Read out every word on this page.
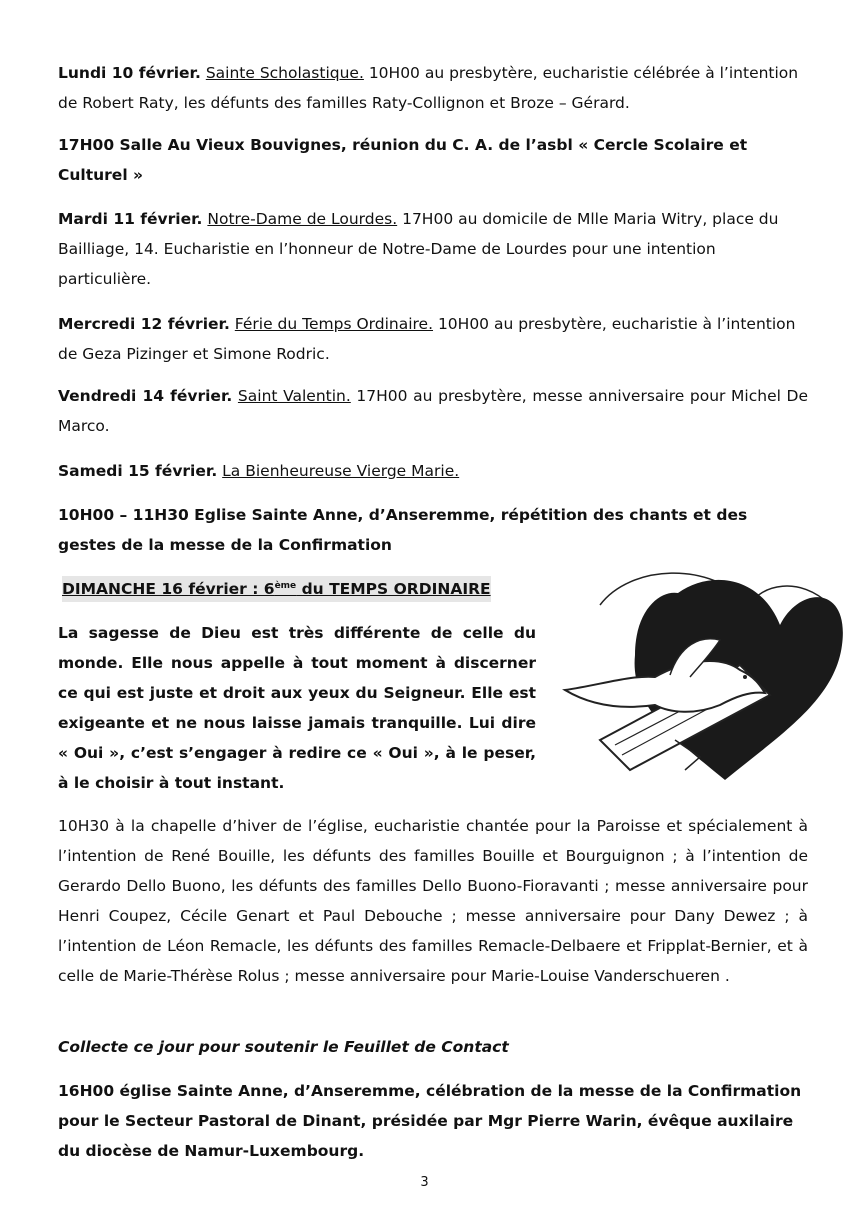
Lundi 10 février. Sainte Scholastique. 10H00 au presbytère, eucharistie célébrée à l’intention de Robert Raty, les défunts des familles Raty-Collignon et Broze – Gérard.

17H00 Salle Au Vieux Bouvignes, réunion du C. A. de l’asbl « Cercle Scolaire et Culturel »

Mardi 11 février. Notre-Dame de Lourdes. 17H00 au domicile de Mlle Maria Witry, place du Bailliage, 14. Eucharistie en l’honneur de Notre-Dame de Lourdes pour une intention particulière.

Mercredi 12 février. Férie du Temps Ordinaire. 10H00 au presbytère, eucharistie à l’intention de Geza Pizinger et Simone Rodric.

Vendredi 14 février. Saint Valentin. 17H00 au presbytère, messe anniversaire pour Michel De Marco.

Samedi 15 février. La Bienheureuse Vierge Marie.

10H00 – 11H30 Eglise Sainte Anne, d’Anseremme, répétition des chants et des gestes de la messe de la Confirmation

DIMANCHE 16 février : 6ème du TEMPS ORDINAIRE

La sagesse de Dieu est très différente de celle du monde. Elle nous appelle à tout moment à discerner ce qui est juste et droit aux yeux du Seigneur. Elle est exigeante et ne nous laisse jamais tranquille. Lui dire « Oui », c’est s’engager à redire ce « Oui », à le peser, à le choisir à tout instant.

10H30 à la chapelle d’hiver de l’église, eucharistie chantée pour la Paroisse et spécialement à l’intention de René Bouille, les défunts des familles Bouille et Bourguignon ; à l’intention de Gerardo Dello Buono, les défunts des familles Dello Buono-Fioravanti ; messe anniversaire pour Henri Coupez, Cécile Genart et Paul Debouche ; messe anniversaire pour Dany Dewez ; à l’intention de Léon Remacle, les défunts des familles Remacle-Delbaere et Fripplat-Bernier, et à celle de Marie-Thérèse Rolus ; messe anniversaire pour Marie-Louise Vanderschueren .

Collecte ce jour pour soutenir le Feuillet de Contact

16H00 église Sainte Anne, d’Anseremme, célébration de la messe de la Confirmation pour le Secteur Pastoral de Dinant, présidée par Mgr Pierre Warin, évêque auxilaire du diocèse de Namur-Luxembourg.

3
